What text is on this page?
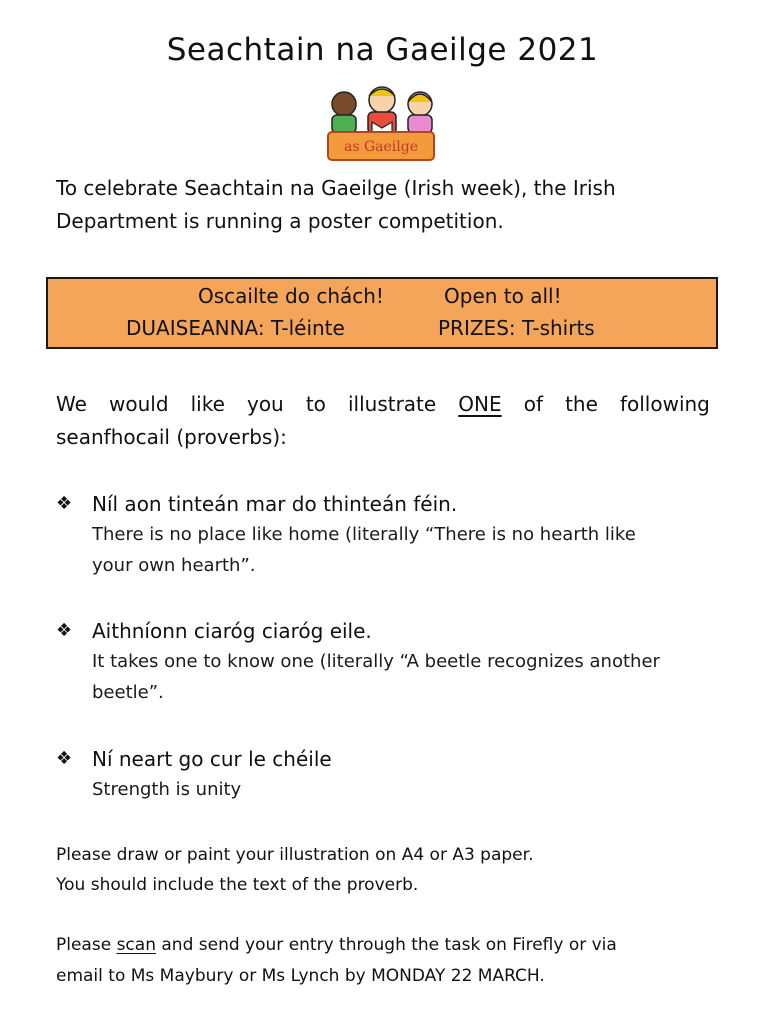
Seachtain na Gaeilge 2021
as Gaeilge
To celebrate Seachtain na Gaeilge (Irish week), the Irish Department is running a poster competition.
Oscailte do chách!	Open to all!
DUAISEANNA: T-léinte	PRIZES: T-shirts
We would like you to illustrate ONE of the following
seanfhocail (proverbs):
❖ Níl aon tinteán mar do thinteán féin.
There is no place like home (literally “There is no hearth like
your own hearth”.
❖ Aithníonn ciaróg ciaróg eile.
It takes one to know one (literally “A beetle recognizes another
beetle”.
❖ Ní neart go cur le chéile
Strength is unity
Please draw or paint your illustration on A4 or A3 paper.
You should include the text of the proverb.
Please scan and send your entry through the task on Firefly or via
email to Ms Maybury or Ms Lynch by MONDAY 22 MARCH.
